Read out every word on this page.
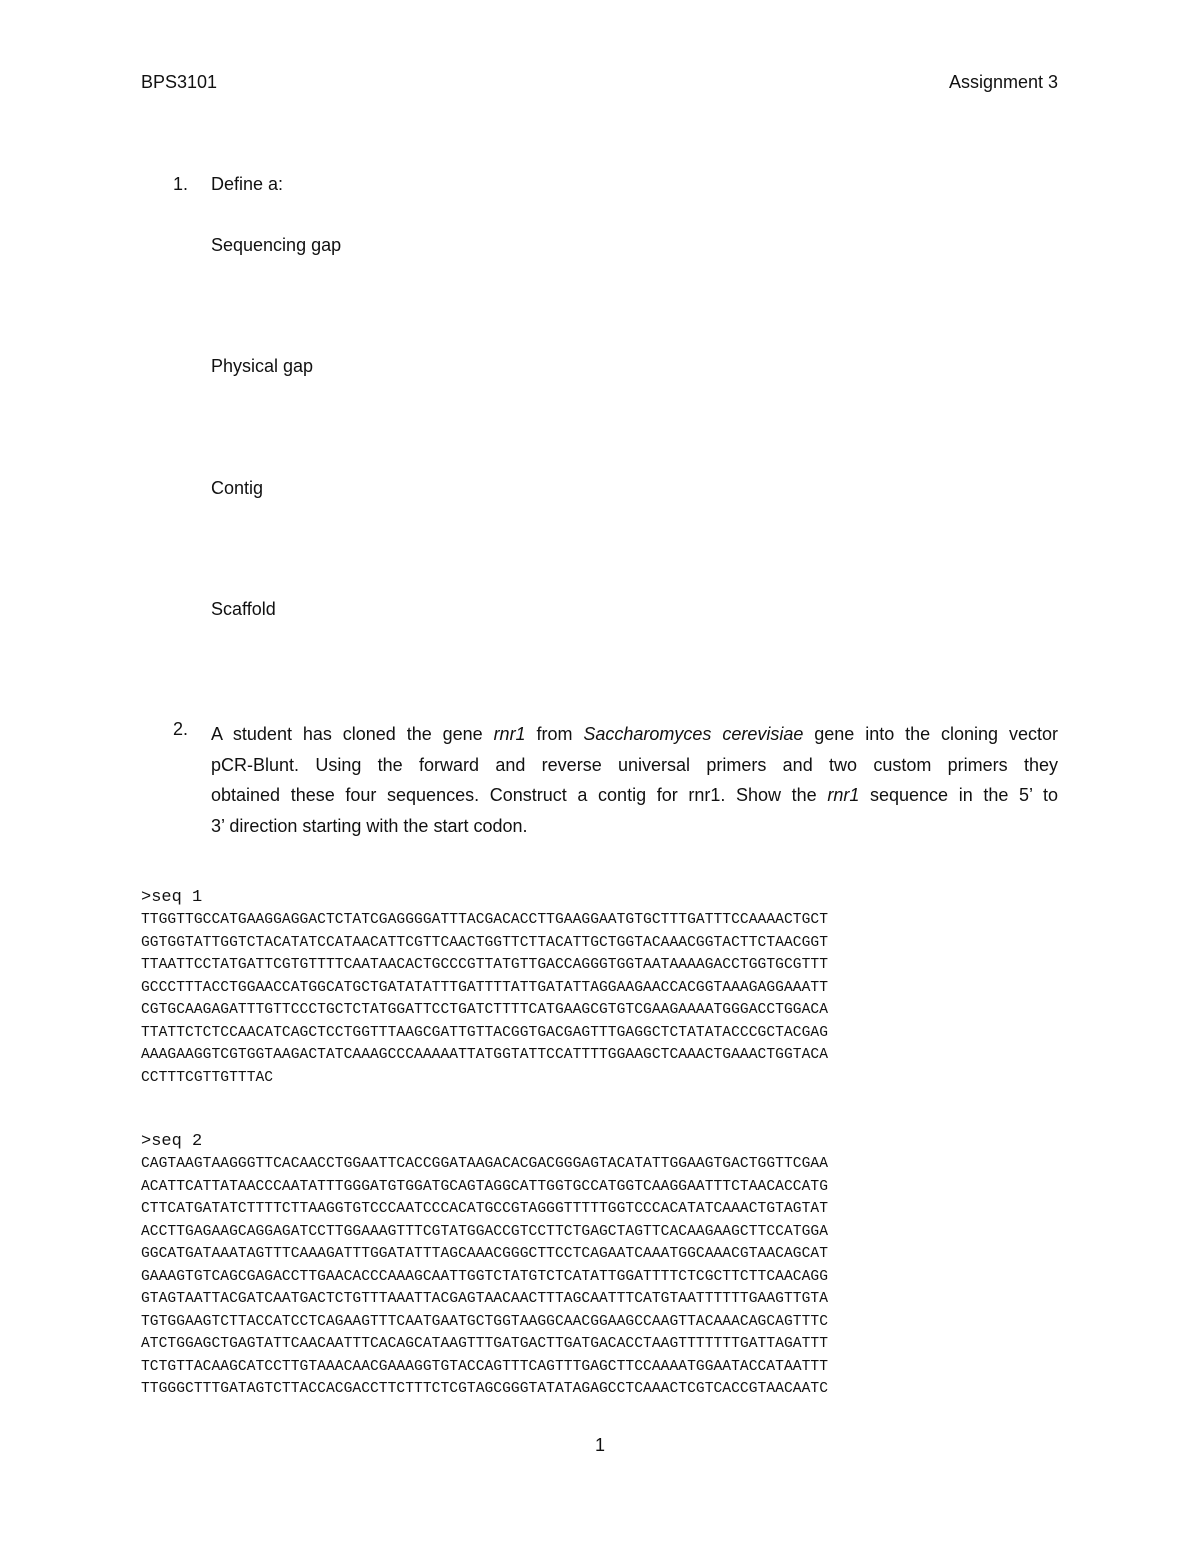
BPS3101	Assignment 3
1. Define a:
Sequencing gap
Physical gap
Contig
Scaffold
2. A student has cloned the gene rnr1 from Saccharomyces cerevisiae gene into the cloning vector
pCR-Blunt. Using the forward and reverse universal primers and two custom primers they
obtained these four sequences. Construct a contig for rnr1. Show the rnr1 sequence in the 5’ to
3’ direction starting with the start codon.
>seq 1
TTGGTTGCCATGAAGGAGGACTCTATCGAGGGGATTTACGACACCTTGAAGGAATGTGCTTTGATTTCCAAAACTGCT
GGTGGTATTGGTCTACATATCCATAACATTCGTTCAACTGGTTCTTACATTGCTGGTACAAACGGTACTTCTAACGGT
TTAATTCCTATGATTCGTGTTTTCAATAACACTGCCCGTTATGTTGACCAGGGTGGTAATAAAAGACCTGGTGCGTTT
GCCCTTTACCTGGAACCATGGCATGCTGATATATTTGATTTTATTGATATTAGGAAGAACCACGGTAAAGAGGAAATT
CGTGCAAGAGATTTGTTCCCTGCTCTATGGATTCCTGATCTTTTCATGAAGCGTGTCGAAGAAAATGGGACCTGGACA
TTATTCTCTCCAACATCAGCTCCTGGTTTAAGCGATTGTTACGGTGACGAGTTTGAGGCTCTATATACCCGCTACGAG
AAAGAAGGTCGTGGTAAGACTATCAAAGCCCAAAAATTATGGTATTCCATTTTGGAAGCTCAAACTGAAACTGGTACA
CCTTTCGTTGTTTAC
>seq 2
CAGTAAGTAAGGGTTCACAACCTGGAATTCACCGGATAAGACACGACGGGAGTACATATTGGAAGTGACTGGTTCGAA
ACATTCATTATAACCCAATATTTGGGATGTGGATGCAGTAGGCATTGGTGCCATGGTCAAGGAATTTCTAACACCATG
CTTCATGATATCTTTTCTTAAGGTGTCCCAATCCCACATGCCGTAGGGTTTTTGGTCCCACATATCAAACTGTAGTAT
ACCTTGAGAAGCAGGAGATCCTTGGAAAGTTTCGTATGGACCGTCCTTCTGAGCTAGTTCACAAGAAGCTTCCATGGA
GGCATGATAAATAGTTTCAAAGATTTGGATATTTAGCAAACGGGCTTCCTCAGAATCAAATGGCAAACGTAACAGCAT
GAAAGTGTCAGCGAGACCTTGAACACCCAAAGCAATTGGTCTATGTCTCATATTGGATTTTCTCGCTTCTTCAACAGG
GTAGTAATTACGATCAATGACTCTGTTTAAATTACGAGTAACAACTTTAGCAATTTCATGTAATTTTTTGAAGTTGTA
TGTGGAAGTCTTACCATCCTCAGAAGTTTCAATGAATGCTGGTAAGGCAACGGAAGCCAAGTTACAAACAGCAGTTTC
ATCTGGAGCTGAGTATTCAACAATTTCACAGCATAAGTTTGATGACTTGATGACACCTAAGTTTTTTTGATTAGATTT
TCTGTTACAAGCATCCTTGTAAACAACGAAAGGTGTACCAGTTTCAGTTTGAGCTTCCAAAATGGAATACCATAATTT
TTGGGCTTTGATAGTCTTACCACGACCTTCTTTCTCGTAGCGGGTATATAGAGCCTCAAACTCGTCACCGTAACAATC
1
